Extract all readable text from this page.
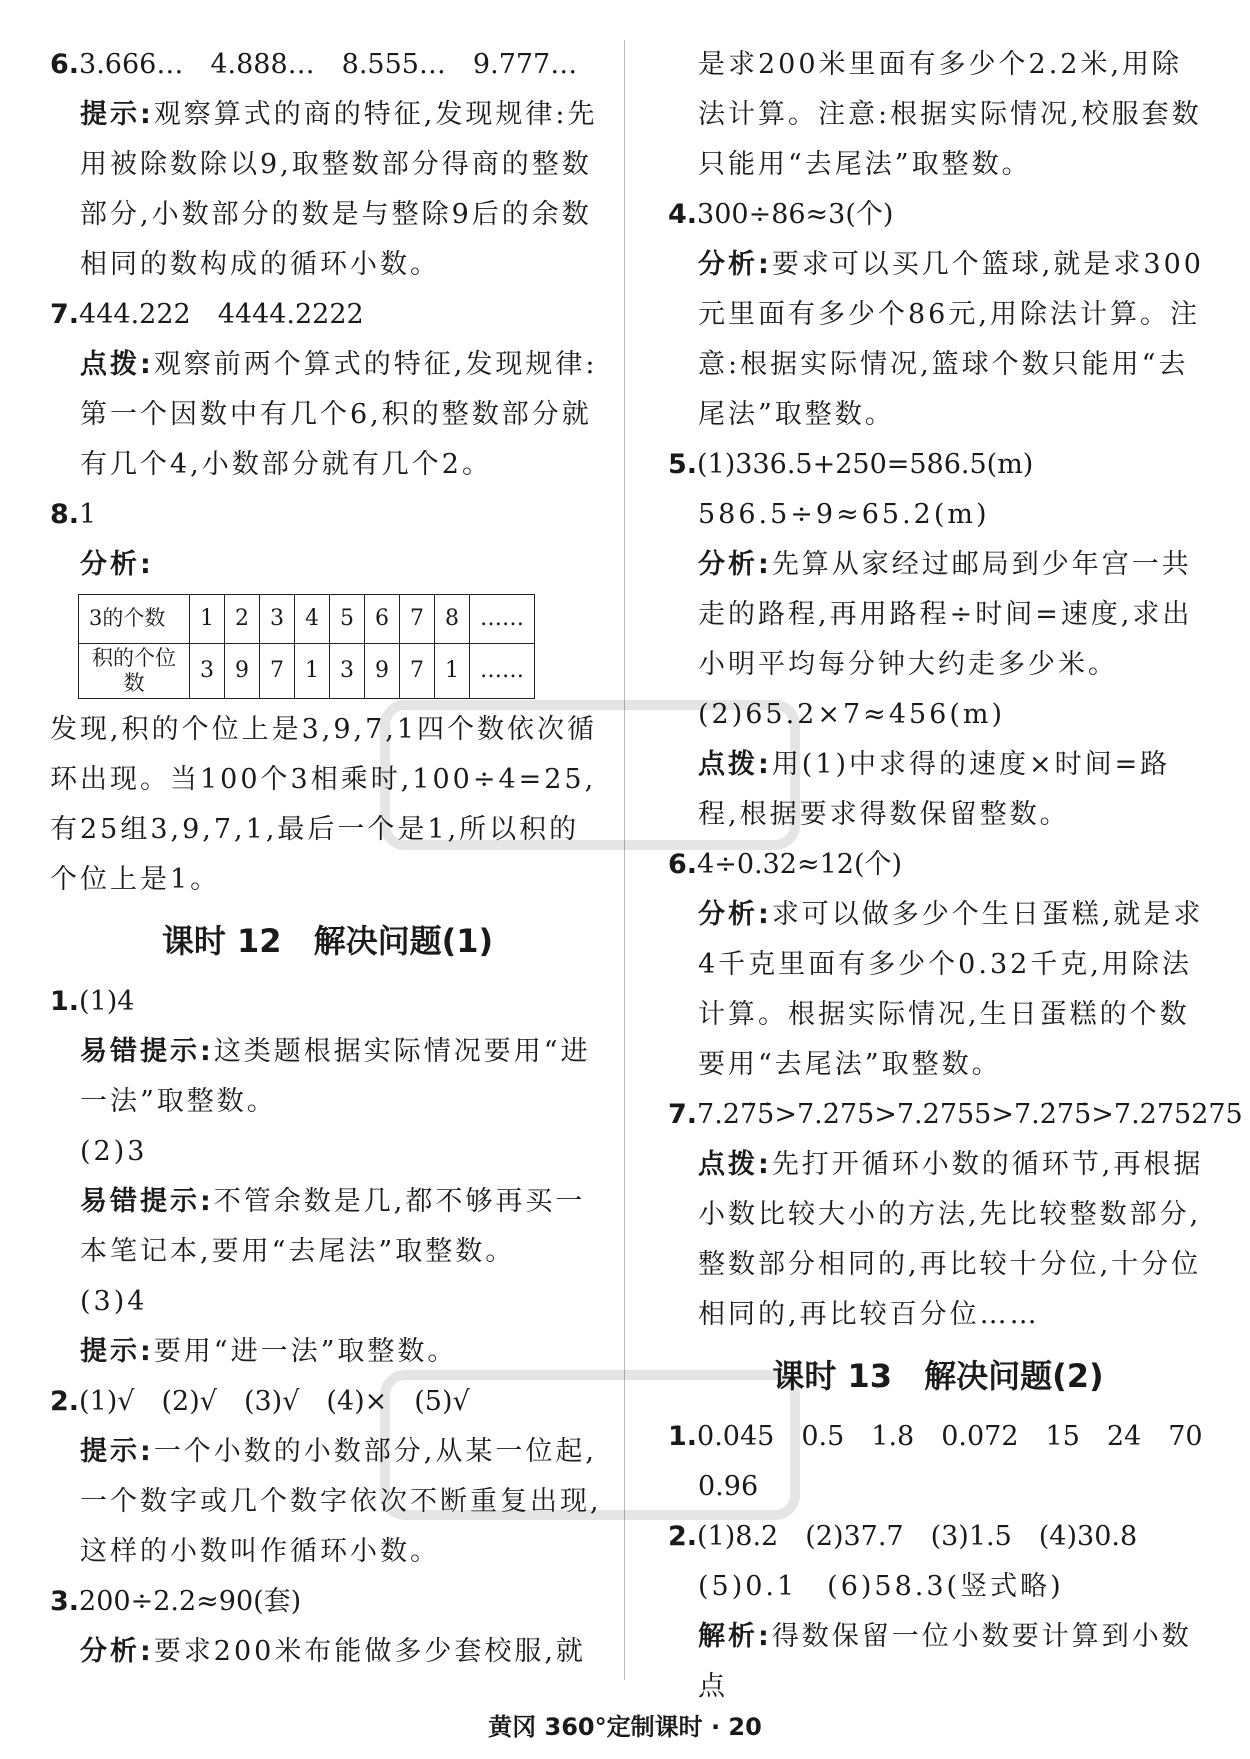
6.3.666…　4.888…　8.555…　9.777…

提示:观察算式的商的特征,发现规律:先用被除数除以9,取整数部分得商的整数部分,小数部分的数是与整除9后的余数相同的数构成的循环小数。

7.444.222　4444.2222

点拨:观察前两个算式的特征,发现规律:第一个因数中有几个6,积的整数部分就有几个4,小数部分就有几个2。

8.1

分析:

3的个数	1	2	3	4	5	6	7	8	……
积的个位数	3	9	7	1	3	9	7	1	……

发现,积的个位上是3,9,7,1四个数依次循环出现。当100个3相乘时,100÷4=25,有25组3,9,7,1,最后一个是1,所以积的个位上是1。

课时 12　解决问题(1)
1.(1)4

易错提示:这类题根据实际情况要用“进一法”取整数。

(2)3

易错提示:不管余数是几,都不够再买一本笔记本,要用“去尾法”取整数。

(3)4

提示:要用“进一法”取整数。

2.(1)√　(2)√　(3)√　(4)×　(5)√

提示:一个小数的小数部分,从某一位起,一个数字或几个数字依次不断重复出现,这样的小数叫作循环小数。

3.200÷2.2≈90(套)

分析:要求200米布能做多少套校服,就

是求200米里面有多少个2.2米,用除法计算。注意:根据实际情况,校服套数只能用“去尾法”取整数。

4.300÷86≈3(个)

分析:要求可以买几个篮球,就是求300元里面有多少个86元,用除法计算。注意:根据实际情况,篮球个数只能用“去尾法”取整数。

5.(1)336.5+250=586.5(m)

586.5÷9≈65.2(m)

分析:先算从家经过邮局到少年宫一共走的路程,再用路程÷时间=速度,求出小明平均每分钟大约走多少米。

(2)65.2×7≈456(m)

点拨:用(1)中求得的速度×时间=路程,根据要求得数保留整数。

6.4÷0.32≈12(个)

分析:求可以做多少个生日蛋糕,就是求4千克里面有多少个0.32千克,用除法计算。根据实际情况,生日蛋糕的个数要用“去尾法”取整数。

7.7.27̇5̇>7.2̇75̇>7.2755>7.2̇75̇>7.275275

点拨:先打开循环小数的循环节,再根据小数比较大小的方法,先比较整数部分,整数部分相同的,再比较十分位,十分位相同的,再比较百分位……

课时 13　解决问题(2)
1.0.045　0.5　1.8　0.072　15　24　70　0.96
2.(1)8.2　(2)37.7　(3)1.5　(4)30.8

(5)0.1　(6)58.3(竖式略)

解析:得数保留一位小数要计算到小数点

黄冈 360°定制课时 · 20
